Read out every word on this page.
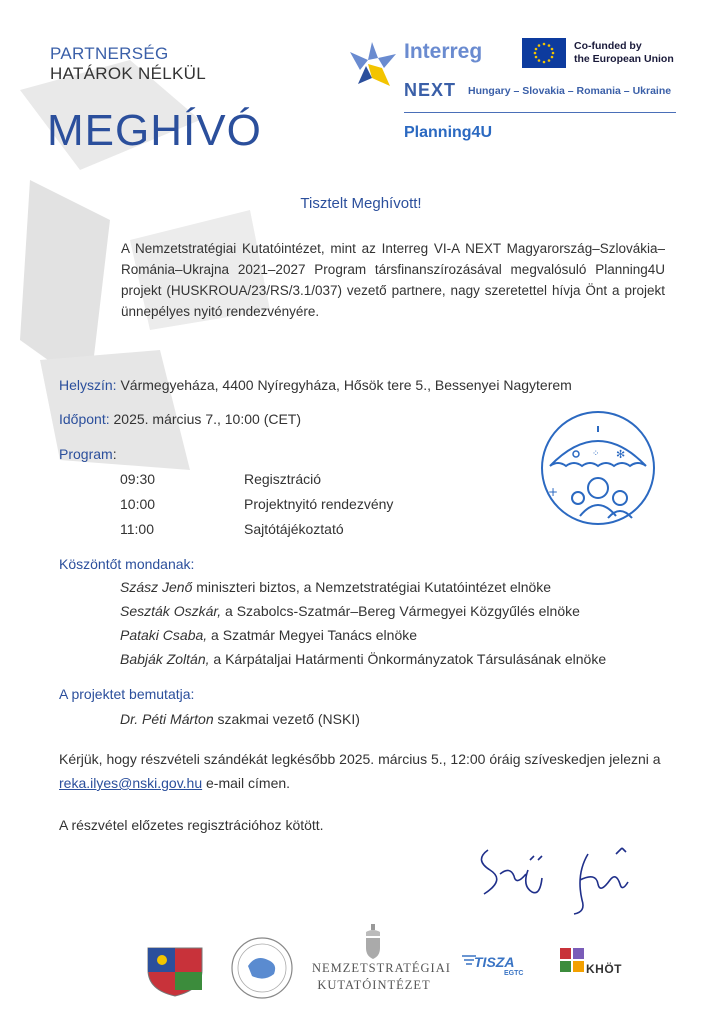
PARTNERSÉG
HATÁROK NÉLKÜL
MEGHÍVÓ
Interreg	Co-funded by
the European Union
NEXT Hungary – Slovakia – Romania – Ukraine
Planning4U
Tisztelt Meghívott!
A Nemzetstratégiai Kutatóintézet, mint az Interreg VI-A NEXT Magyarország–Szlovákia–Románia–Ukrajna 2021–2027 Program társfinanszírozásával megvalósuló Planning4U projekt (HUSKROUA/23/RS/3.1/037) vezető partnere, nagy szeretettel hívja Önt a projekt ünnepélyes nyitó rendezvényére.
Helyszín: Vármegyeháza, 4400 Nyíregyháza, Hősök tere 5., Bessenyei Nagyterem
Időpont: 2025. március 7., 10:00 (CET)
Program:
09:30	Regisztráció
10:00	Projektnyitó rendezvény
11:00	Sajtótájékoztató
⁘ ✻
+
Köszöntőt mondanak:
Szász Jenő miniszteri biztos, a Nemzetstratégiai Kutatóintézet elnöke
Seszták Oszkár, a Szabolcs-Szatmár–Bereg Vármegyei Közgyűlés elnöke
Pataki Csaba, a Szatmár Megyei Tanács elnöke
Babják Zoltán, a Kárpátaljai Határmenti Önkormányzatok Társulásának elnöke
A projektet bemutatja:
Dr. Péti Márton szakmai vezető (NSKI)
Kérjük, hogy részvételi szándékát legkésőbb 2025. március 5., 12:00 óráig szíveskedjen jelezni a reka.ilyes@nski.gov.hu e-mail címen.
A részvétel előzetes regisztrációhoz kötött.
NEMZETSTRATÉGIAI
KUTATÓINTÉZET
TISZA
EGTC	KHÖT
